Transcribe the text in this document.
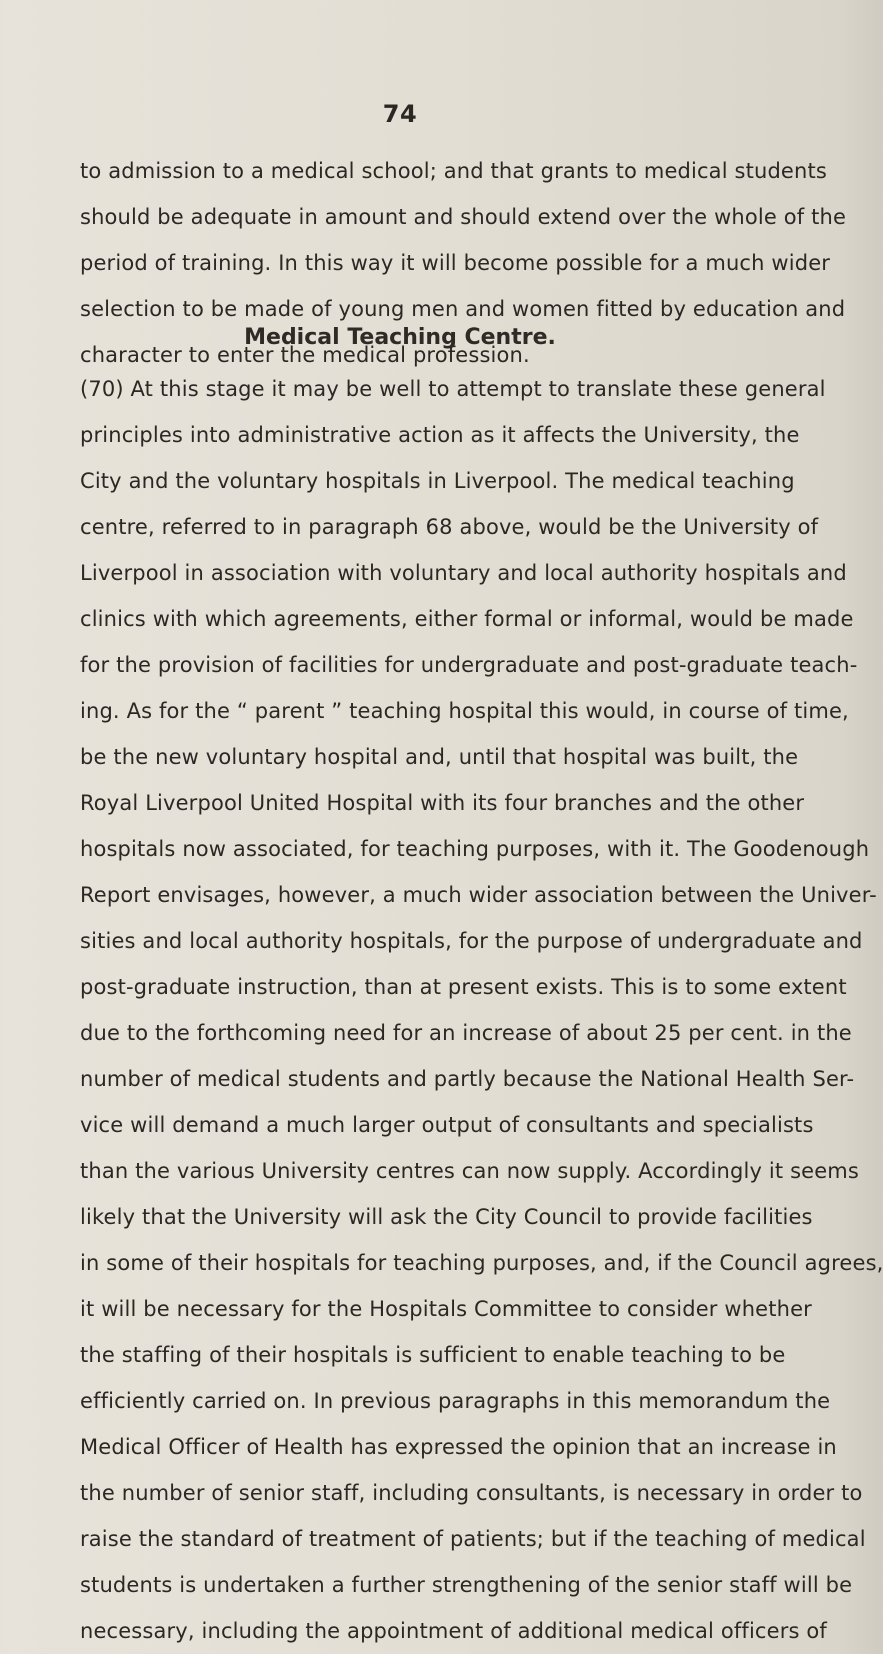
74
to admission to a medical school; and that grants to medical students
should be adequate in amount and should extend over the whole of the
period of training. In this way it will become possible for a much wider
selection to be made of young men and women fitted by education and
character to enter the medical profession.
Medical Teaching Centre.
(70) At this stage it may be well to attempt to translate these general
principles into administrative action as it affects the University, the
City and the voluntary hospitals in Liverpool. The medical teaching
centre, referred to in paragraph 68 above, would be the University of
Liverpool in association with voluntary and local authority hospitals and
clinics with which agreements, either formal or informal, would be made
for the provision of facilities for undergraduate and post-graduate teach-
ing. As for the “ parent ” teaching hospital this would, in course of time,
be the new voluntary hospital and, until that hospital was built, the
Royal Liverpool United Hospital with its four branches and the other
hospitals now associated, for teaching purposes, with it. The Goodenough
Report envisages, however, a much wider association between the Univer-
sities and local authority hospitals, for the purpose of undergraduate and
post-graduate instruction, than at present exists. This is to some extent
due to the forthcoming need for an increase of about 25 per cent. in the
number of medical students and partly because the National Health Ser-
vice will demand a much larger output of consultants and specialists
than the various University centres can now supply. Accordingly it seems
likely that the University will ask the City Council to provide facilities
in some of their hospitals for teaching purposes, and, if the Council agrees,
it will be necessary for the Hospitals Committee to consider whether
the staffing of their hospitals is sufficient to enable teaching to be
efficiently carried on. In previous paragraphs in this memorandum the
Medical Officer of Health has expressed the opinion that an increase in
the number of senior staff, including consultants, is necessary in order to
raise the standard of treatment of patients; but if the teaching of medical
students is undertaken a further strengthening of the senior staff will be
necessary, including the appointment of additional medical officers of
